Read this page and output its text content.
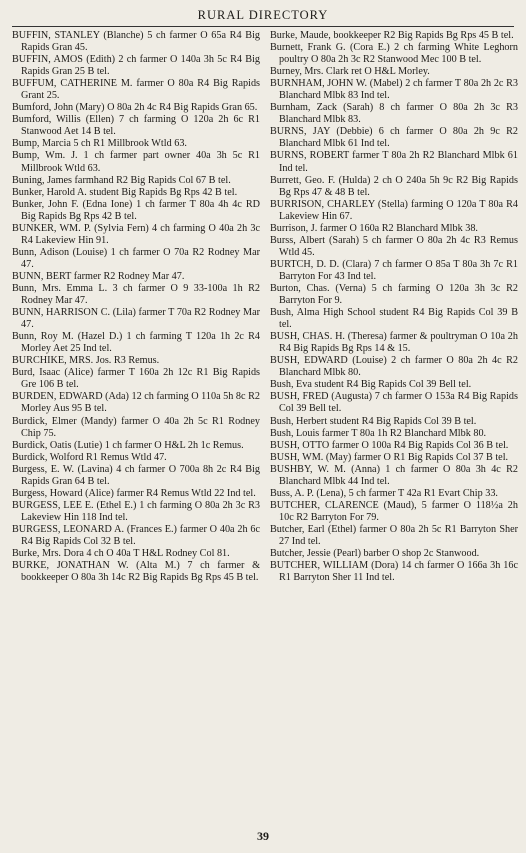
RURAL DIRECTORY
BUFFIN, STANLEY (Blanche) 5 ch farmer O 65a R4 Big Rapids Gran 45.
BUFFIN, AMOS (Edith) 2 ch farmer O 140a 3h 5c R4 Big Rapids Gran 25 B tel.
BUFFUM, CATHERINE M. farmer O 80a R4 Big Rapids Grant 25.
Bumford, John (Mary) O 80a 2h 4c R4 Big Rapids Gran 65.
Bumford, Willis (Ellen) 7 ch farming O 120a 2h 6c R1 Stanwood Aet 14 B tel.
Bump, Marcia 5 ch R1 Millbrook Wtld 63.
Bump, Wm. J. 1 ch farmer part owner 40a 3h 5c R1 Millbrook Wtld 63.
Buning, James farmhand R2 Big Rapids Col 67 B tel.
Bunker, Harold A. student Big Rapids Bg Rps 42 B tel.
Bunker, John F. (Edna Ione) 1 ch farmer T 80a 4h 4c RD Big Rapids Bg Rps 42 B tel.
BUNKER, WM. P. (Sylvia Fern) 4 ch farming O 40a 2h 3c R4 Lakeview Hin 91.
Bunn, Adison (Louise) 1 ch farmer O 70a R2 Rodney Mar 47.
BUNN, BERT farmer R2 Rodney Mar 47.
Bunn, Mrs. Emma L. 3 ch farmer O 9 33-100a 1h R2 Rodney Mar 47.
BUNN, HARRISON C. (Lila) farmer T 70a R2 Rodney Mar 47.
Bunn, Roy M. (Hazel D.) 1 ch farming T 120a 1h 2c R4 Morley Aet 25 Ind tel.
BURCHIKE, MRS. Jos. R3 Remus.
Burd, Isaac (Alice) farmer T 160a 2h 12c R1 Big Rapids Gre 106 B tel.
BURDEN, EDWARD (Ada) 12 ch farming O 110a 5h 8c R2 Morley Aus 95 B tel.
Burdick, Elmer (Mandy) farmer O 40a 2h 5c R1 Rodney Chip 75.
Burdick, Oatis (Lutie) 1 ch farmer O H&L 2h 1c Remus.
Burdick, Wolford R1 Remus Wtld 47.
Burgess, E. W. (Lavina) 4 ch farmer O 700a 8h 2c R4 Big Rapids Gran 64 B tel.
Burgess, Howard (Alice) farmer R4 Remus Wtld 22 Ind tel.
BURGESS, LEE E. (Ethel E.) 1 ch farming O 80a 2h 3c R3 Lakeview Hin 118 Ind tel.
BURGESS, LEONARD A. (Frances E.) farmer O 40a 2h 6c R4 Big Rapids Col 32 B tel.
Burke, Mrs. Dora 4 ch O 40a T H&L Rodney Col 81.
BURKE, JONATHAN W. (Alta M.) 7 ch farmer & bookkeeper O 80a 3h 14c R2 Big Rapids Bg Rps 45 B tel.
Burke, Maude, bookkeeper R2 Big Rapids Bg Rps 45 B tel.
Burnett, Frank G. (Cora E.) 2 ch farming White Leghorn poultry O 80a 2h 3c R2 Stanwood Mec 100 B tel.
Burney, Mrs. Clark ret O H&L Morley.
BURNHAM, JOHN W. (Mabel) 2 ch farmer T 80a 2h 2c R3 Blanchard Mlbk 83 Ind tel.
Burnham, Zack (Sarah) 8 ch farmer O 80a 2h 3c R3 Blanchard Mlbk 83.
BURNS, JAY (Debbie) 6 ch farmer O 80a 2h 9c R2 Blanchard Mlbk 61 Ind tel.
BURNS, ROBERT farmer T 80a 2h R2 Blanchard Mlbk 61 Ind tel.
Burrett, Geo. F. (Hulda) 2 ch O 240a 5h 9c R2 Big Rapids Bg Rps 47 & 48 B tel.
BURRISON, CHARLEY (Stella) farming O 120a T 80a R4 Lakeview Hin 67.
Burrison, J. farmer O 160a R2 Blanchard Mlbk 38.
Burss, Albert (Sarah) 5 ch farmer O 80a 2h 4c R3 Remus Wtld 45.
BURTCH, D. D. (Clara) 7 ch farmer O 85a T 80a 3h 7c R1 Barryton For 43 Ind tel.
Burton, Chas. (Verna) 5 ch farming O 120a 3h 3c R2 Barryton For 9.
Bush, Alma High School student R4 Big Rapids Col 39 B tel.
BUSH, CHAS. H. (Theresa) farmer & poultryman O 10a 2h R4 Big Rapids Bg Rps 14 & 15.
BUSH, EDWARD (Louise) 2 ch farmer O 80a 2h 4c R2 Blanchard Mlbk 80.
Bush, Eva student R4 Big Rapids Col 39 Bell tel.
BUSH, FRED (Augusta) 7 ch farmer O 153a R4 Big Rapids Col 39 Bell tel.
Bush, Herbert student R4 Big Rapids Col 39 B tel.
Bush, Louis farmer T 80a 1h R2 Blanchard Mlbk 80.
BUSH, OTTO farmer O 100a R4 Big Rapids Col 36 B tel.
BUSH, WM. (May) farmer O R1 Big Rapids Col 37 B tel.
BUSHBY, W. M. (Anna) 1 ch farmer O 80a 3h 4c R2 Blanchard Mlbk 44 Ind tel.
Buss, A. P. (Lena), 5 ch farmer T 42a R1 Evart Chip 33.
BUTCHER, CLARENCE (Maud), 5 farmer O 118½a 2h 10c R2 Barryton For 79.
Butcher, Earl (Ethel) farmer O 80a 2h 5c R1 Barryton Sher 27 Ind tel.
Butcher, Jessie (Pearl) barber O shop 2c Stanwood.
BUTCHER, WILLIAM (Dora) 14 ch farmer O 166a 3h 16c R1 Barryton Sher 11 Ind tel.
39
